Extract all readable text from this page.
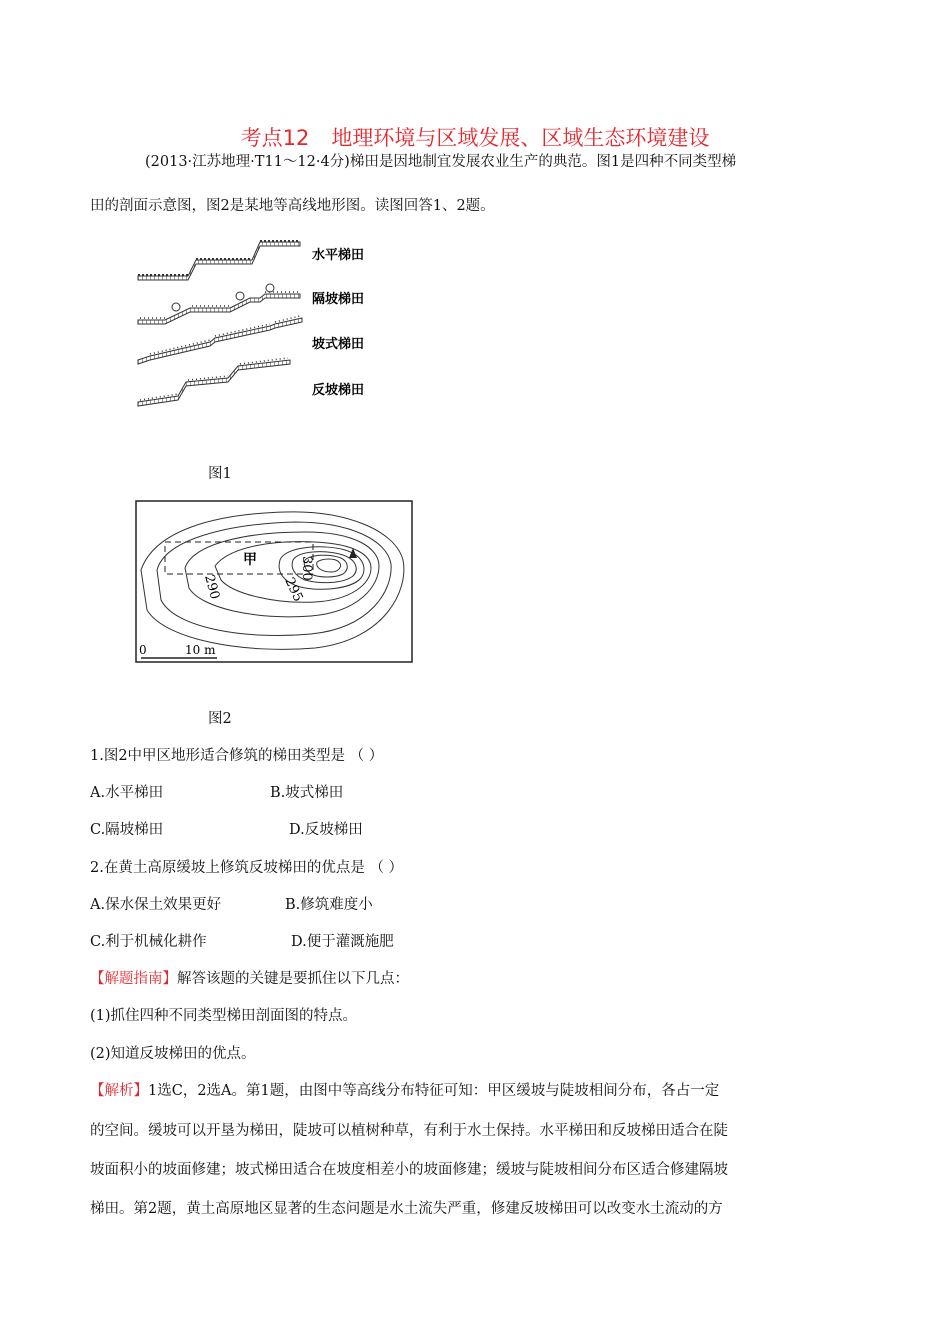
考点12 地理环境与区域发展、区域生态环境建设
(2013·江苏地理·T11～12·4分)梯田是因地制宜发展农业生产的典范。图1是四种不同类型梯
田的剖面示意图，图2是某地等高线地形图。读图回答1、2题。
水平梯田
隔坡梯田
坡式梯田
反坡梯田
图1
甲	300
295
290
0	10 m
图2
1.图2中甲区地形适合修筑的梯田类型是 （ ）
A.水平梯田	B.坡式梯田
C.隔坡梯田	D.反坡梯田
2.在黄土高原缓坡上修筑反坡梯田的优点是 （ ）
A.保水保土效果更好	B.修筑难度小
C.利于机械化耕作	D.便于灌溉施肥
【解题指南】解答该题的关键是要抓住以下几点：
(1)抓住四种不同类型梯田剖面图的特点。
(2)知道反坡梯田的优点。
【解析】1选C，2选A。第1题，由图中等高线分布特征可知：甲区缓坡与陡坡相间分布，各占一定
的空间。缓坡可以开垦为梯田，陡坡可以植树种草，有利于水土保持。水平梯田和反坡梯田适合在陡
坡面积小的坡面修建；坡式梯田适合在坡度相差小的坡面修建；缓坡与陡坡相间分布区适合修建隔坡
梯田。第2题，黄土高原地区显著的生态问题是水土流失严重，修建反坡梯田可以改变水土流动的方
